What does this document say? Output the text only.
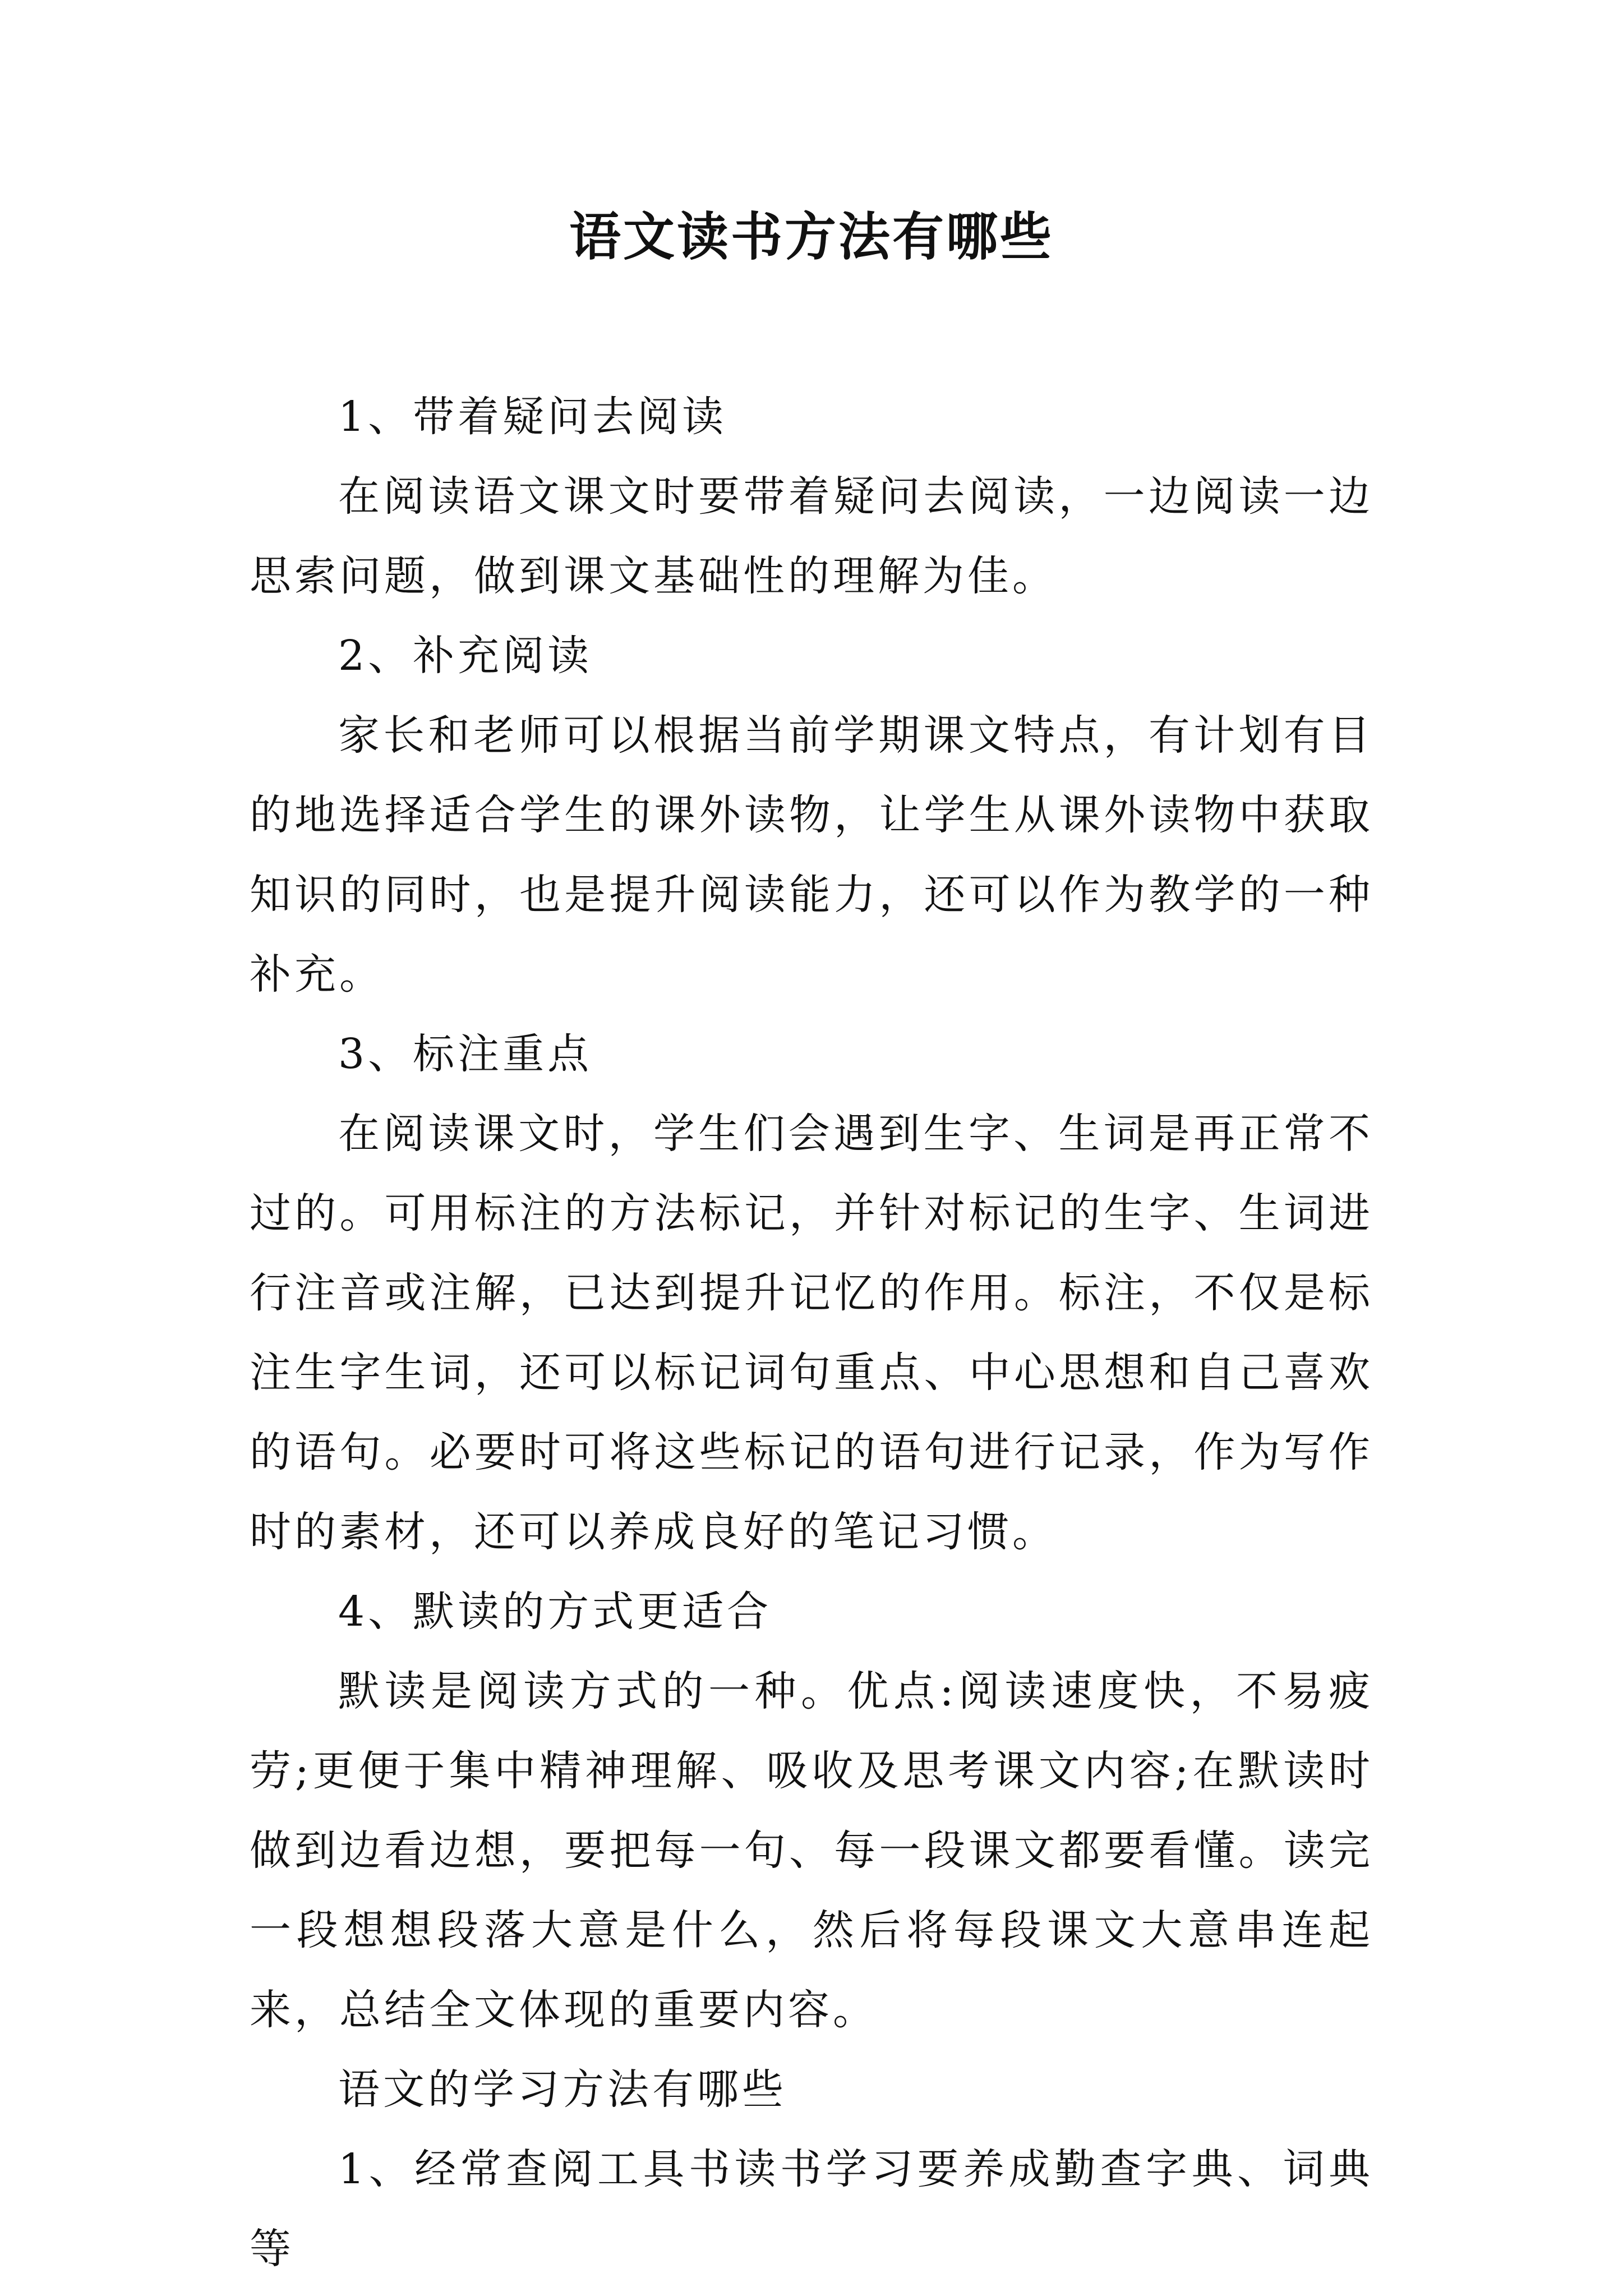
语文读书方法有哪些

1、带着疑问去阅读

在阅读语文课文时要带着疑问去阅读，一边阅读一边思索问题，做到课文基础性的理解为佳。

2、补充阅读

家长和老师可以根据当前学期课文特点，有计划有目的地选择适合学生的课外读物，让学生从课外读物中获取知识的同时，也是提升阅读能力，还可以作为教学的一种补充。

3、标注重点

在阅读课文时，学生们会遇到生字、生词是再正常不过的。可用标注的方法标记，并针对标记的生字、生词进行注音或注解，已达到提升记忆的作用。标注，不仅是标注生字生词，还可以标记词句重点、中心思想和自己喜欢的语句。必要时可将这些标记的语句进行记录，作为写作时的素材，还可以养成良好的笔记习惯。

4、默读的方式更适合

默读是阅读方式的一种。优点:阅读速度快，不易疲劳;更便于集中精神理解、吸收及思考课文内容;在默读时做到边看边想，要把每一句、每一段课文都要看懂。读完一段想想段落大意是什么，然后将每段课文大意串连起来，总结全文体现的重要内容。

语文的学习方法有哪些

1、经常查阅工具书读书学习要养成勤查字典、词典等
